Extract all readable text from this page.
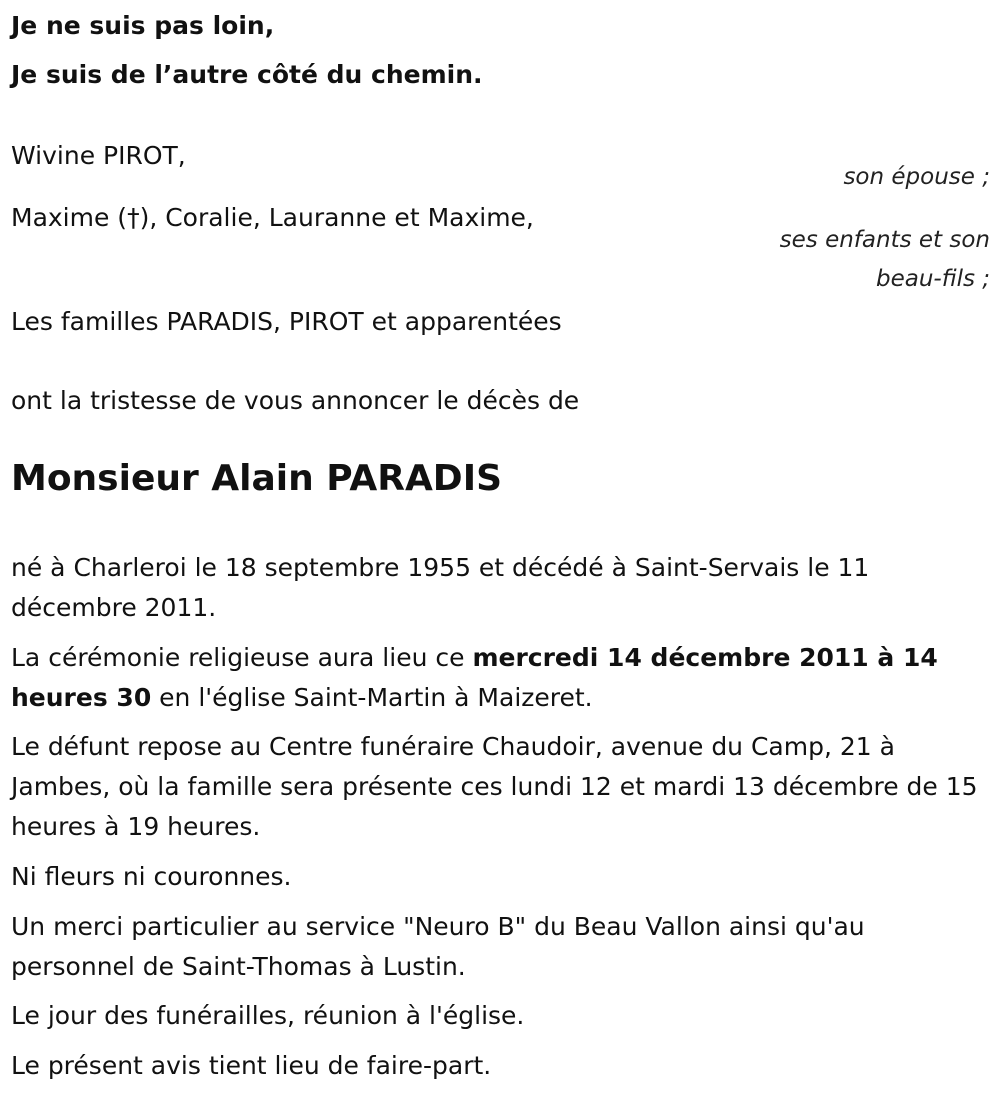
Je ne suis pas loin,
Je suis de l’autre côté du chemin.
Wivine PIROT,
son épouse ;
Maxime (†), Coralie, Lauranne et Maxime,
ses enfants et son
beau-fils ;
Les familles PARADIS, PIROT et apparentées
ont la tristesse de vous annoncer le décès de
Monsieur Alain PARADIS
né à Charleroi le 18 septembre 1955 et décédé à Saint-Servais le 11 décembre 2011.
La cérémonie religieuse aura lieu ce mercredi 14 décembre 2011 à 14 heures 30 en l'église Saint-Martin à Maizeret.
Le défunt repose au Centre funéraire Chaudoir, avenue du Camp, 21 à Jambes, où la famille sera présente ces lundi 12 et mardi 13 décembre de 15 heures à 19 heures.
Ni fleurs ni couronnes.
Un merci particulier au service "Neuro B" du Beau Vallon ainsi qu'au personnel de Saint-Thomas à Lustin.
Le jour des funérailles, réunion à l'église.
Le présent avis tient lieu de faire-part.
